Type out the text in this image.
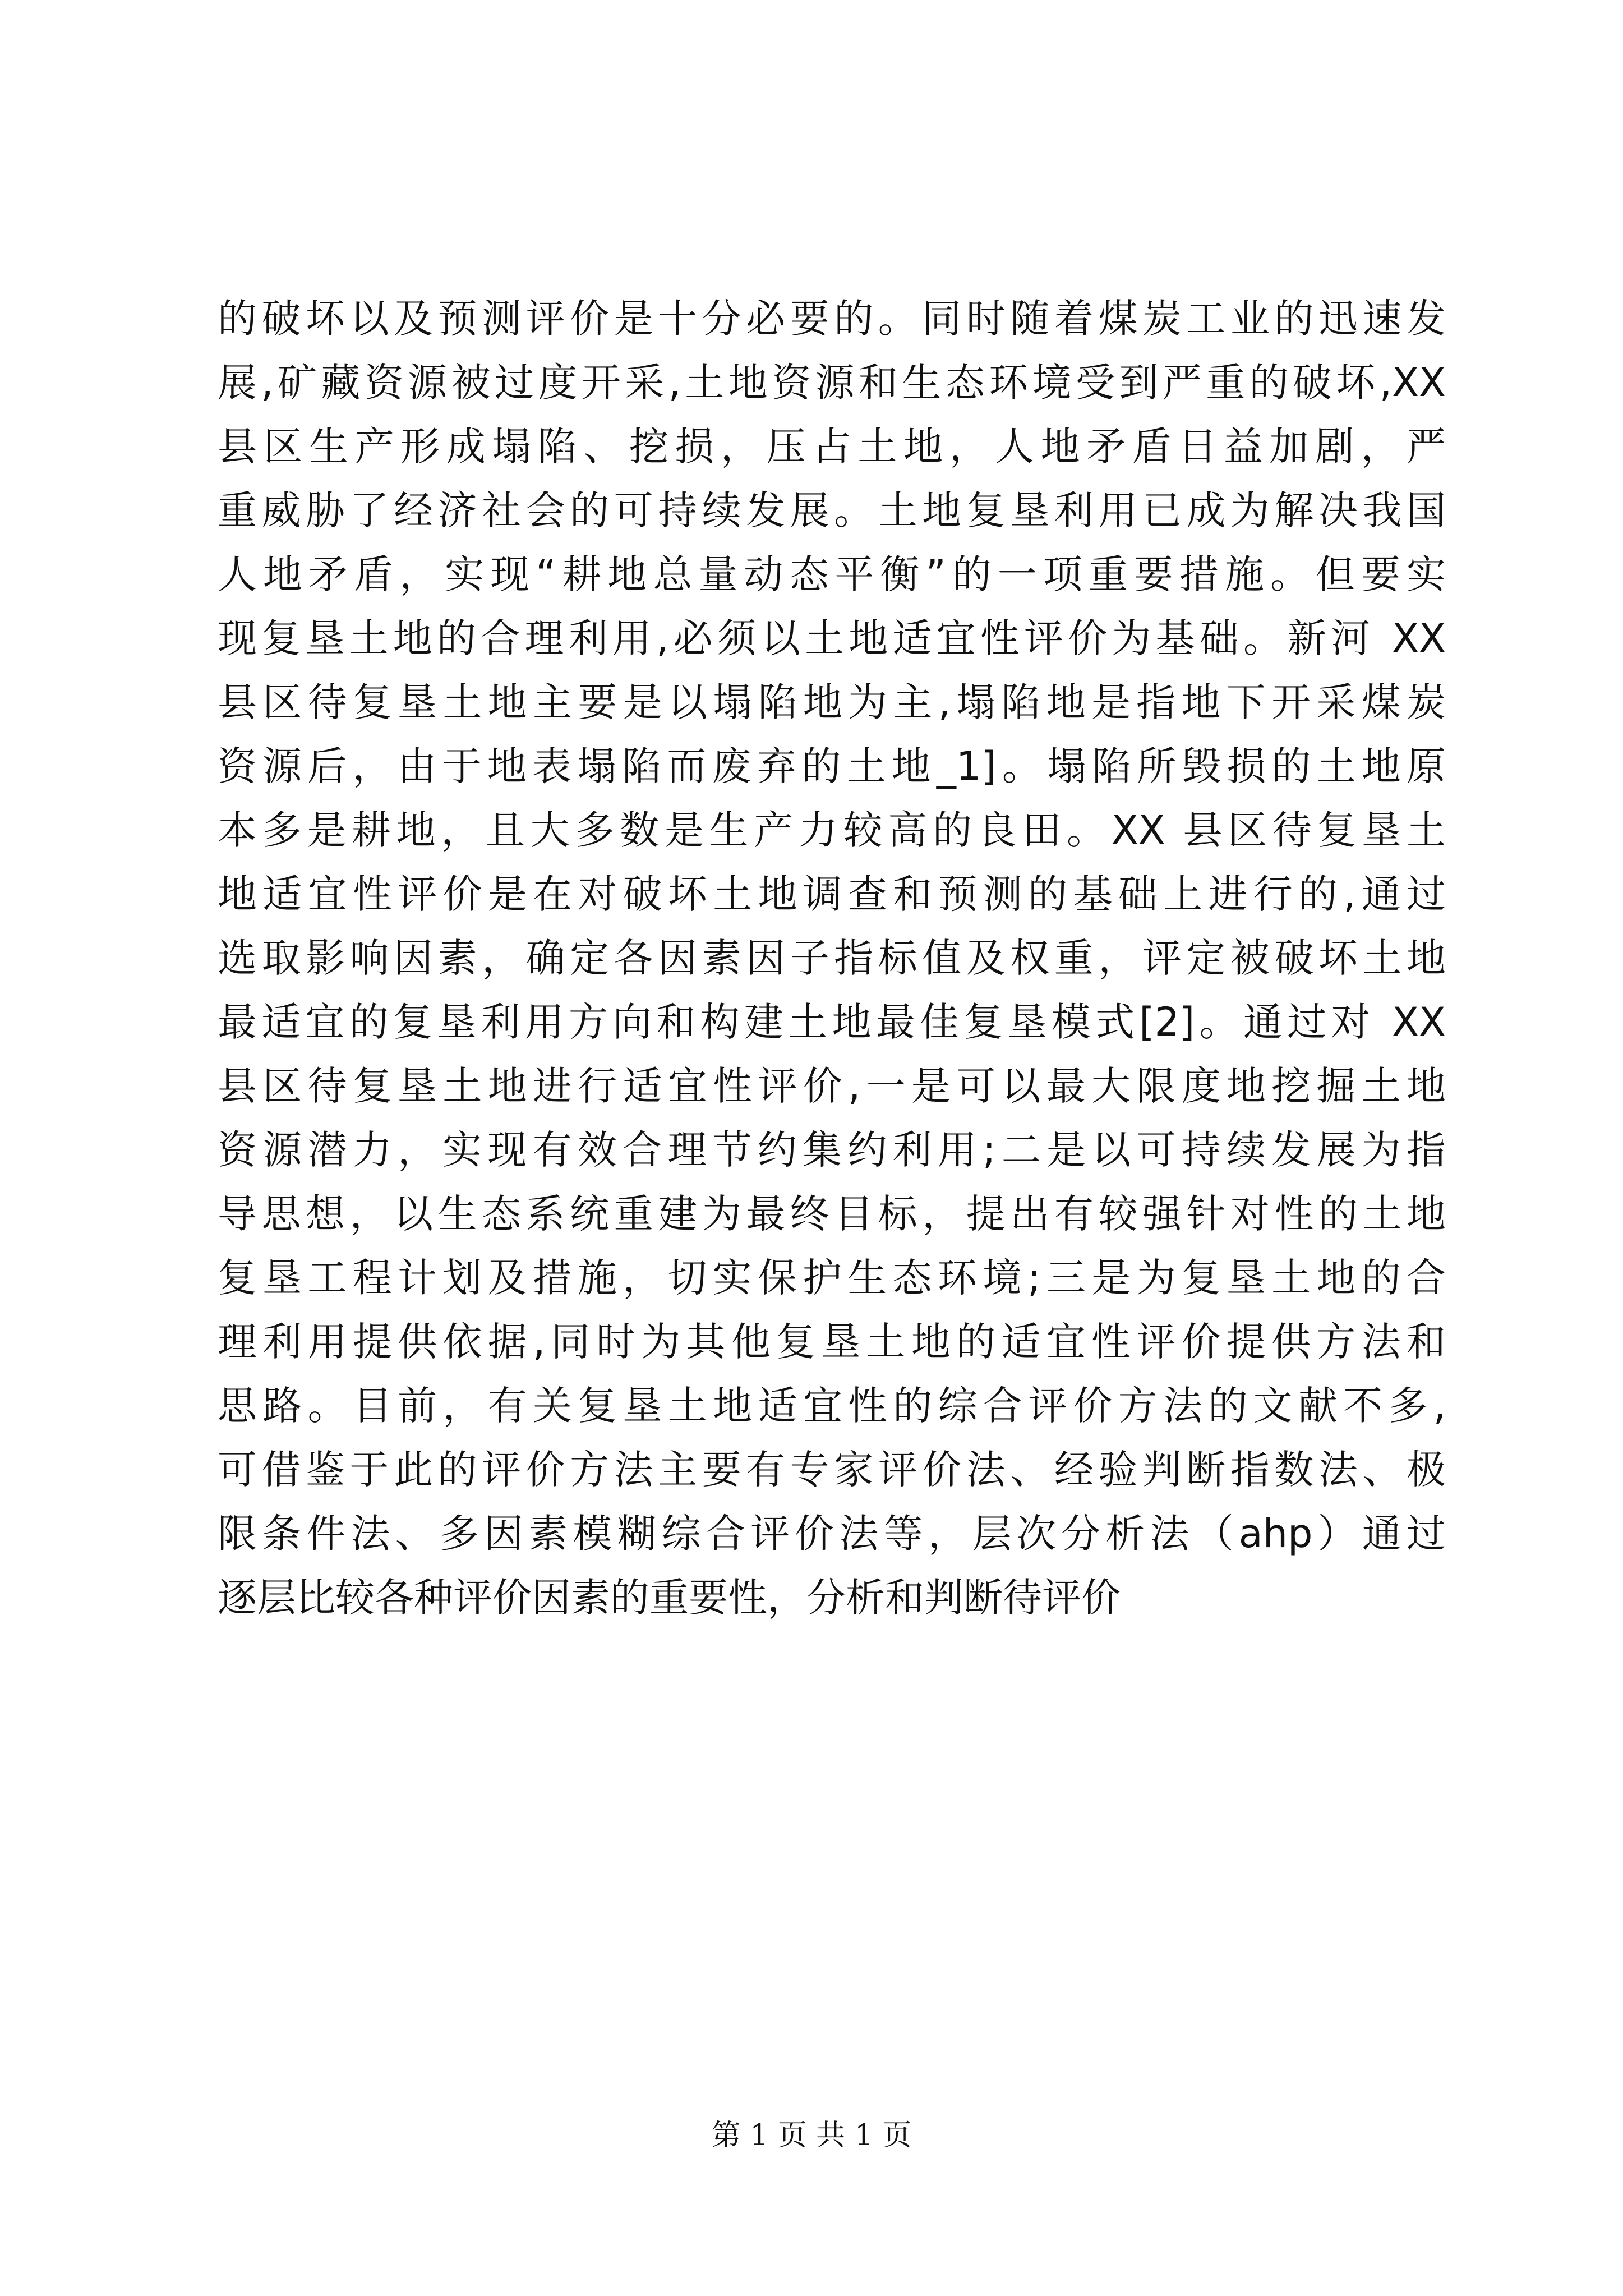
的破坏以及预测评价是十分必要的。同时随着煤炭工业的迅速发
展,矿藏资源被过度开采,土地资源和生态环境受到严重的破坏,XX
县区生产形成塌陷、挖损，压占土地，人地矛盾日益加剧，严
重威胁了经济社会的可持续发展。土地复垦利用已成为解决我国
人地矛盾，实现“耕地总量动态平衡”的一项重要措施。但要实
现复垦土地的合理利用,必须以土地适宜性评价为基础。新河 XX
县区待复垦土地主要是以塌陷地为主,塌陷地是指地下开采煤炭
资源后，由于地表塌陷而废弃的土地_1]。塌陷所毁损的土地原
本多是耕地，且大多数是生产力较高的良田。XX 县区待复垦土
地适宜性评价是在对破坏土地调查和预测的基础上进行的,通过
选取影响因素，确定各因素因子指标值及权重，评定被破坏土地
最适宜的复垦利用方向和构建土地最佳复垦模式[2]。通过对 XX
县区待复垦土地进行适宜性评价,一是可以最大限度地挖掘土地
资源潜力，实现有效合理节约集约利用;二是以可持续发展为指
导思想，以生态系统重建为最终目标，提出有较强针对性的土地
复垦工程计划及措施，切实保护生态环境;三是为复垦土地的合
理利用提供依据,同时为其他复垦土地的适宜性评价提供方法和
思路。目前，有关复垦土地适宜性的综合评价方法的文献不多,
可借鉴于此的评价方法主要有专家评价法、经验判断指数法、极
限条件法、多因素模糊综合评价法等，层次分析法（ahp）通过
逐层比较各种评价因素的重要性，分析和判断待评价
第 1 页 共 1 页
